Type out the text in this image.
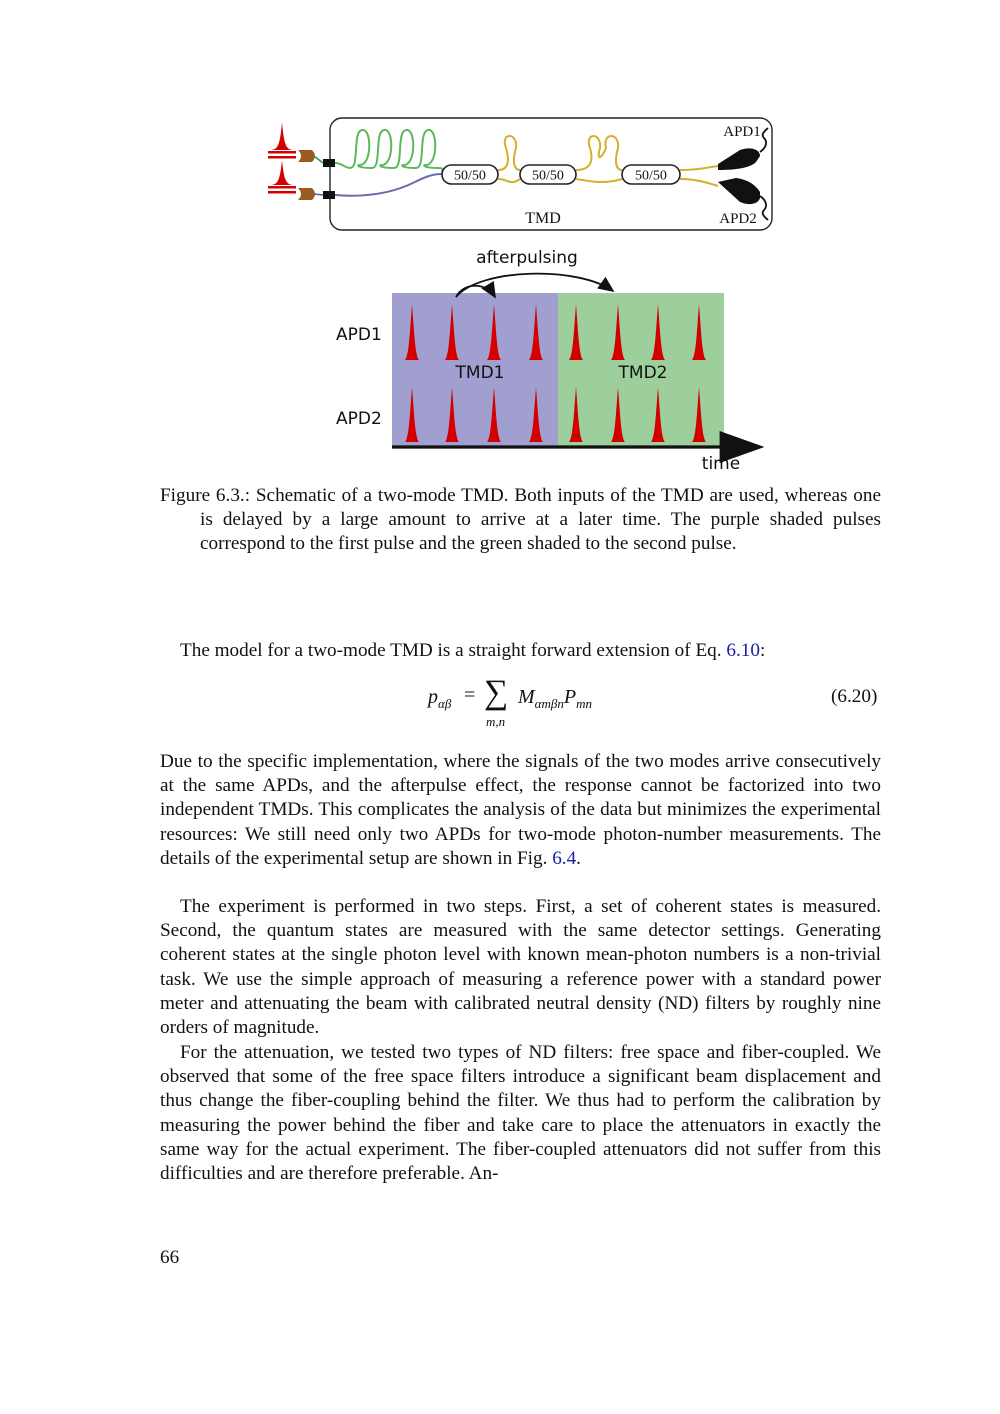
50/50	50/50	50/50
APD1
APD2
TMD
afterpulsing
APD1
APD2
TMD1	TMD2
time
Figure 6.3.: Schematic of a two-mode TMD. Both inputs of the TMD are used, whereas one is delayed by a large amount to arrive at a later time. The purple shaded pulses correspond to the first pulse and the green shaded to the second pulse.
The model for a two-mode TMD is a straight forward extension of Eq. 6.10:
$p_{\alpha\beta}$ = ∑
m,n
$M_{\alpha m\beta n}P_{mn}$	(6.20)
Due to the specific implementation, where the signals of the two modes arrive consecutively at the same APDs, and the afterpulse effect, the response cannot be factorized into two independent TMDs. This complicates the analysis of the data but minimizes the experimental resources: We still need only two APDs for two-mode photon-number measurements. The details of the experimental setup are shown in Fig. 6.4.
The experiment is performed in two steps. First, a set of coherent states is measured. Second, the quantum states are measured with the same detector settings. Generating coherent states at the single photon level with known mean-photon numbers is a non-trivial task. We use the simple approach of measuring a reference power with a standard power meter and attenuating the beam with calibrated neutral density (ND) filters by roughly nine orders of magnitude.
For the attenuation, we tested two types of ND filters: free space and fiber-coupled. We observed that some of the free space filters introduce a significant beam displacement and thus change the fiber-coupling behind the filter. We thus had to perform the calibration by measuring the power behind the fiber and take care to place the attenuators in exactly the same way for the actual experiment. The fiber-coupled attenuators did not suffer from this difficulties and are therefore preferable. An-
66
